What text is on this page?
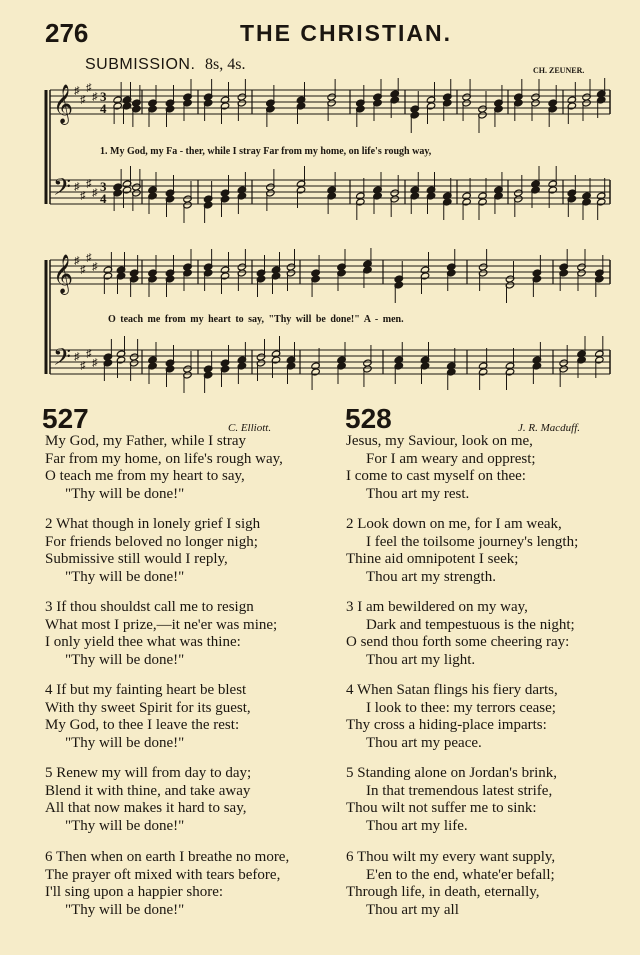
276	THE CHRISTIAN.
SUBMISSION. 8s, 4s.	CH. ZEUNER.
𝄞
𝄢
♯
♯
♯
♯
♯
♯
♯
♯
3
3
4
4
1. My God, my Fa - ther, while I stray Far from my home, on life's rough way,
𝄞
𝄢
♯
♯
♯
♯
♯
♯
♯
♯
O teach me from my heart to say, "Thy will be done!" A - men.
527	C. Elliott.
My God, my Father, while I stray
Far from my home, on life's rough way,
O teach me from my heart to say,
"Thy will be done!"
2 What though in lonely grief I sigh
For friends beloved no longer nigh;
Submissive still would I reply,
"Thy will be done!"
3 If thou shouldst call me to resign
What most I prize,—it ne'er was mine;
I only yield thee what was thine:
"Thy will be done!"
4 If but my fainting heart be blest
With thy sweet Spirit for its guest,
My God, to thee I leave the rest:
"Thy will be done!"
5 Renew my will from day to day;
Blend it with thine, and take away
All that now makes it hard to say,
"Thy will be done!"
6 Then when on earth I breathe no more,
The prayer oft mixed with tears before,
I'll sing upon a happier shore:
"Thy will be done!"
528	J. R. Macduff.
Jesus, my Saviour, look on me,
For I am weary and opprest;
I come to cast myself on thee:
Thou art my rest.
2 Look down on me, for I am weak,
I feel the toilsome journey's length;
Thine aid omnipotent I seek;
Thou art my strength.
3 I am bewildered on my way,
Dark and tempestuous is the night;
O send thou forth some cheering ray:
Thou art my light.
4 When Satan flings his fiery darts,
I look to thee: my terrors cease;
Thy cross a hiding-place imparts:
Thou art my peace.
5 Standing alone on Jordan's brink,
In that tremendous latest strife,
Thou wilt not suffer me to sink:
Thou art my life.
6 Thou wilt my every want supply,
E'en to the end, whate'er befall;
Through life, in death, eternally,
Thou art my all
